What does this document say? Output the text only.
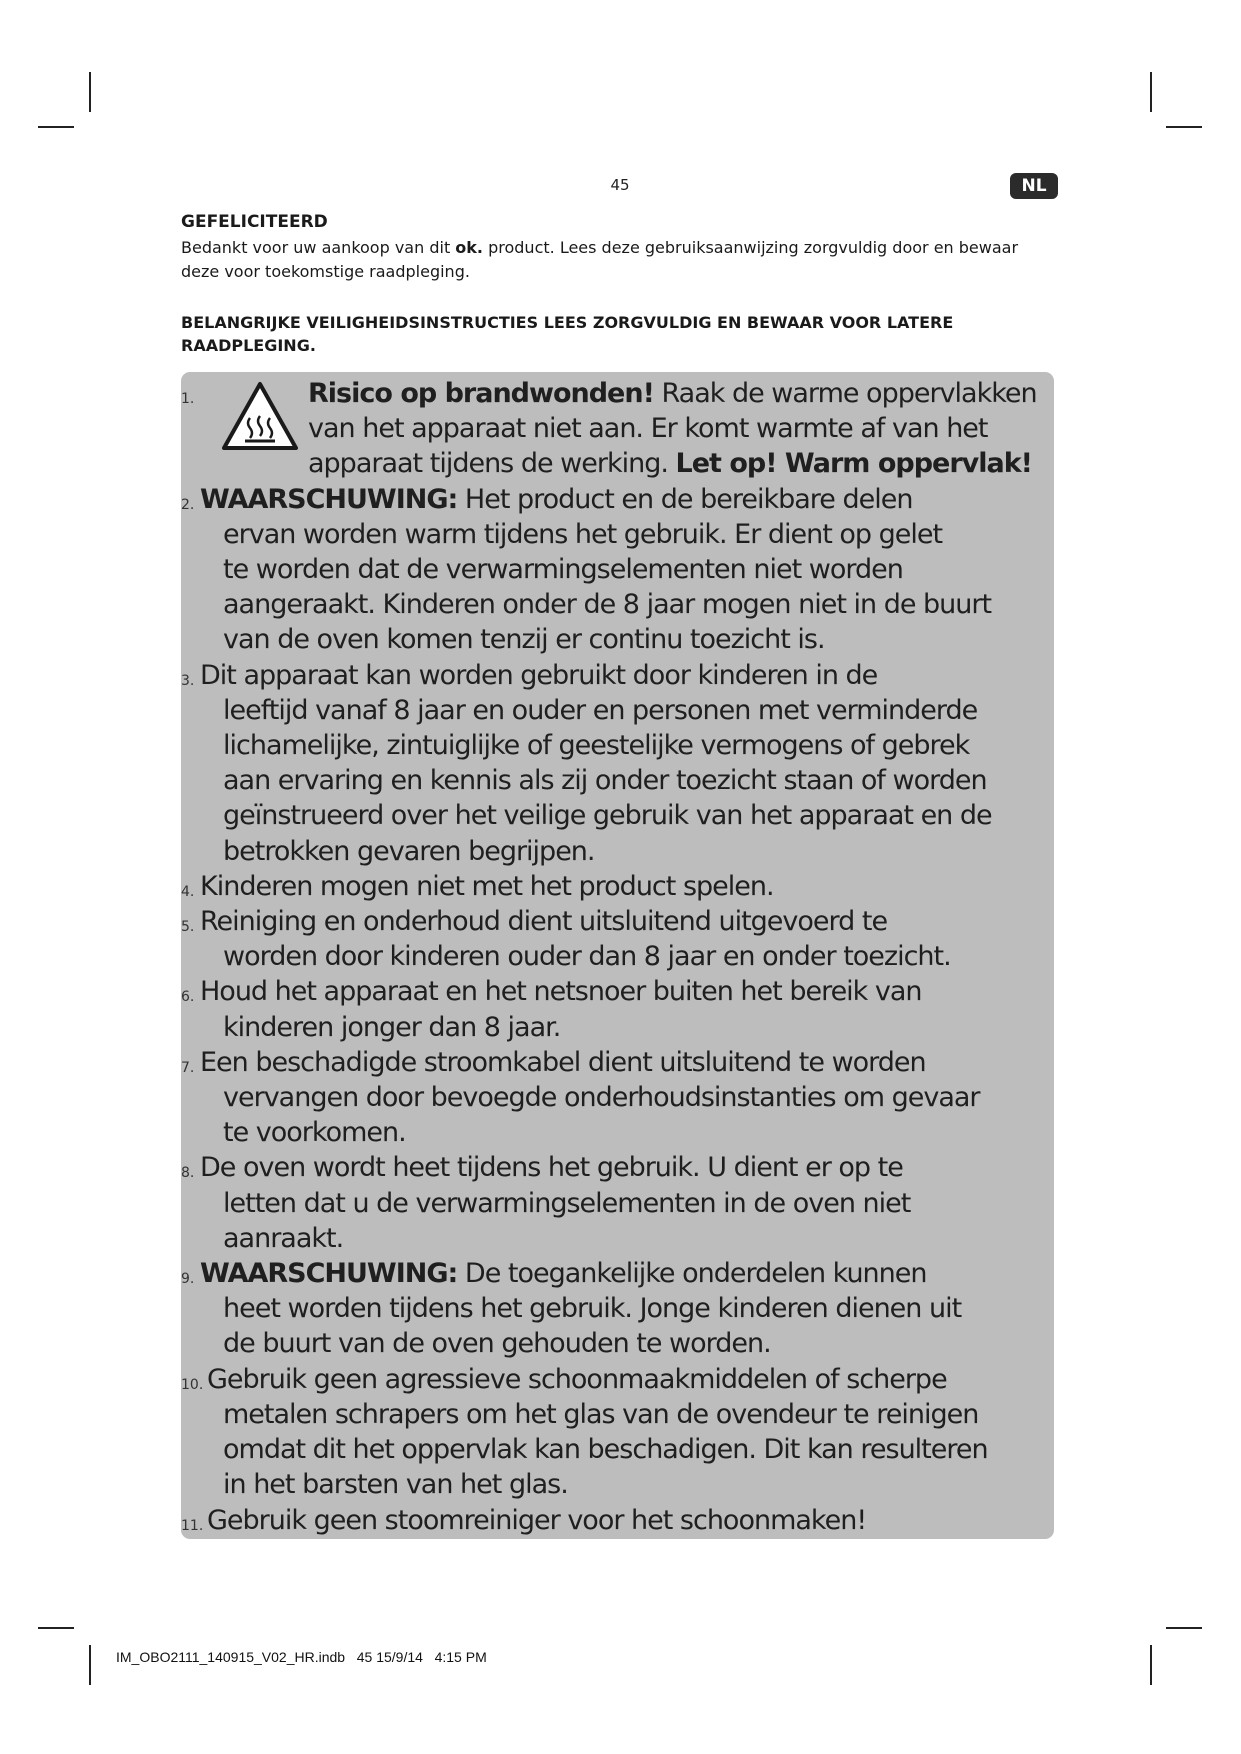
45	NL
GEFELICITEERD
Bedankt voor uw aankoop van dit ok. product. Lees deze gebruiksaanwijzing zorgvuldig door en bewaar deze voor toekomstige raadpleging.
BELANGRIJKE VEILIGHEIDSINSTRUCTIES LEES ZORGVULDIG EN BEWAAR VOOR LATERE RAADPLEGING.
1.	Risico op brandwonden! Raak de warme oppervlakken
van het apparaat niet aan. Er komt warmte af van het
apparaat tijdens de werking. Let op! Warm oppervlak!
2. WAARSCHUWING: Het product en de bereikbare delen

ervan worden warm tijdens het gebruik. Er dient op gelet
te worden dat de verwarmingselementen niet worden
aangeraakt. Kinderen onder de 8 jaar mogen niet in de buurt
van de oven komen tenzij er continu toezicht is.
3. Dit apparaat kan worden gebruikt door kinderen in de

leeftijd vanaf 8 jaar en ouder en personen met verminderde
lichamelijke, zintuiglijke of geestelijke vermogens of gebrek
aan ervaring en kennis als zij onder toezicht staan of worden
geïnstrueerd over het veilige gebruik van het apparaat en de
betrokken gevaren begrijpen.
4. Kinderen mogen niet met het product spelen.
5. Reiniging en onderhoud dient uitsluitend uitgevoerd te

worden door kinderen ouder dan 8 jaar en onder toezicht.
6. Houd het apparaat en het netsnoer buiten het bereik van

kinderen jonger dan 8 jaar.
7. Een beschadigde stroomkabel dient uitsluitend te worden

vervangen door bevoegde onderhoudsinstanties om gevaar
te voorkomen.
8. De oven wordt heet tijdens het gebruik. U dient er op te

letten dat u de verwarmingselementen in de oven niet
aanraakt.
9. WAARSCHUWING: De toegankelijke onderdelen kunnen

heet worden tijdens het gebruik. Jonge kinderen dienen uit
de buurt van de oven gehouden te worden.
10. Gebruik geen agressieve schoonmaakmiddelen of scherpe

metalen schrapers om het glas van de ovendeur te reinigen
omdat dit het oppervlak kan beschadigen. Dit kan resulteren
in het barsten van het glas.
11. Gebruik geen stoomreiniger voor het schoonmaken!
IM_OBO2111_140915_V02_HR.indb   45 15/9/14   4:15 PM
